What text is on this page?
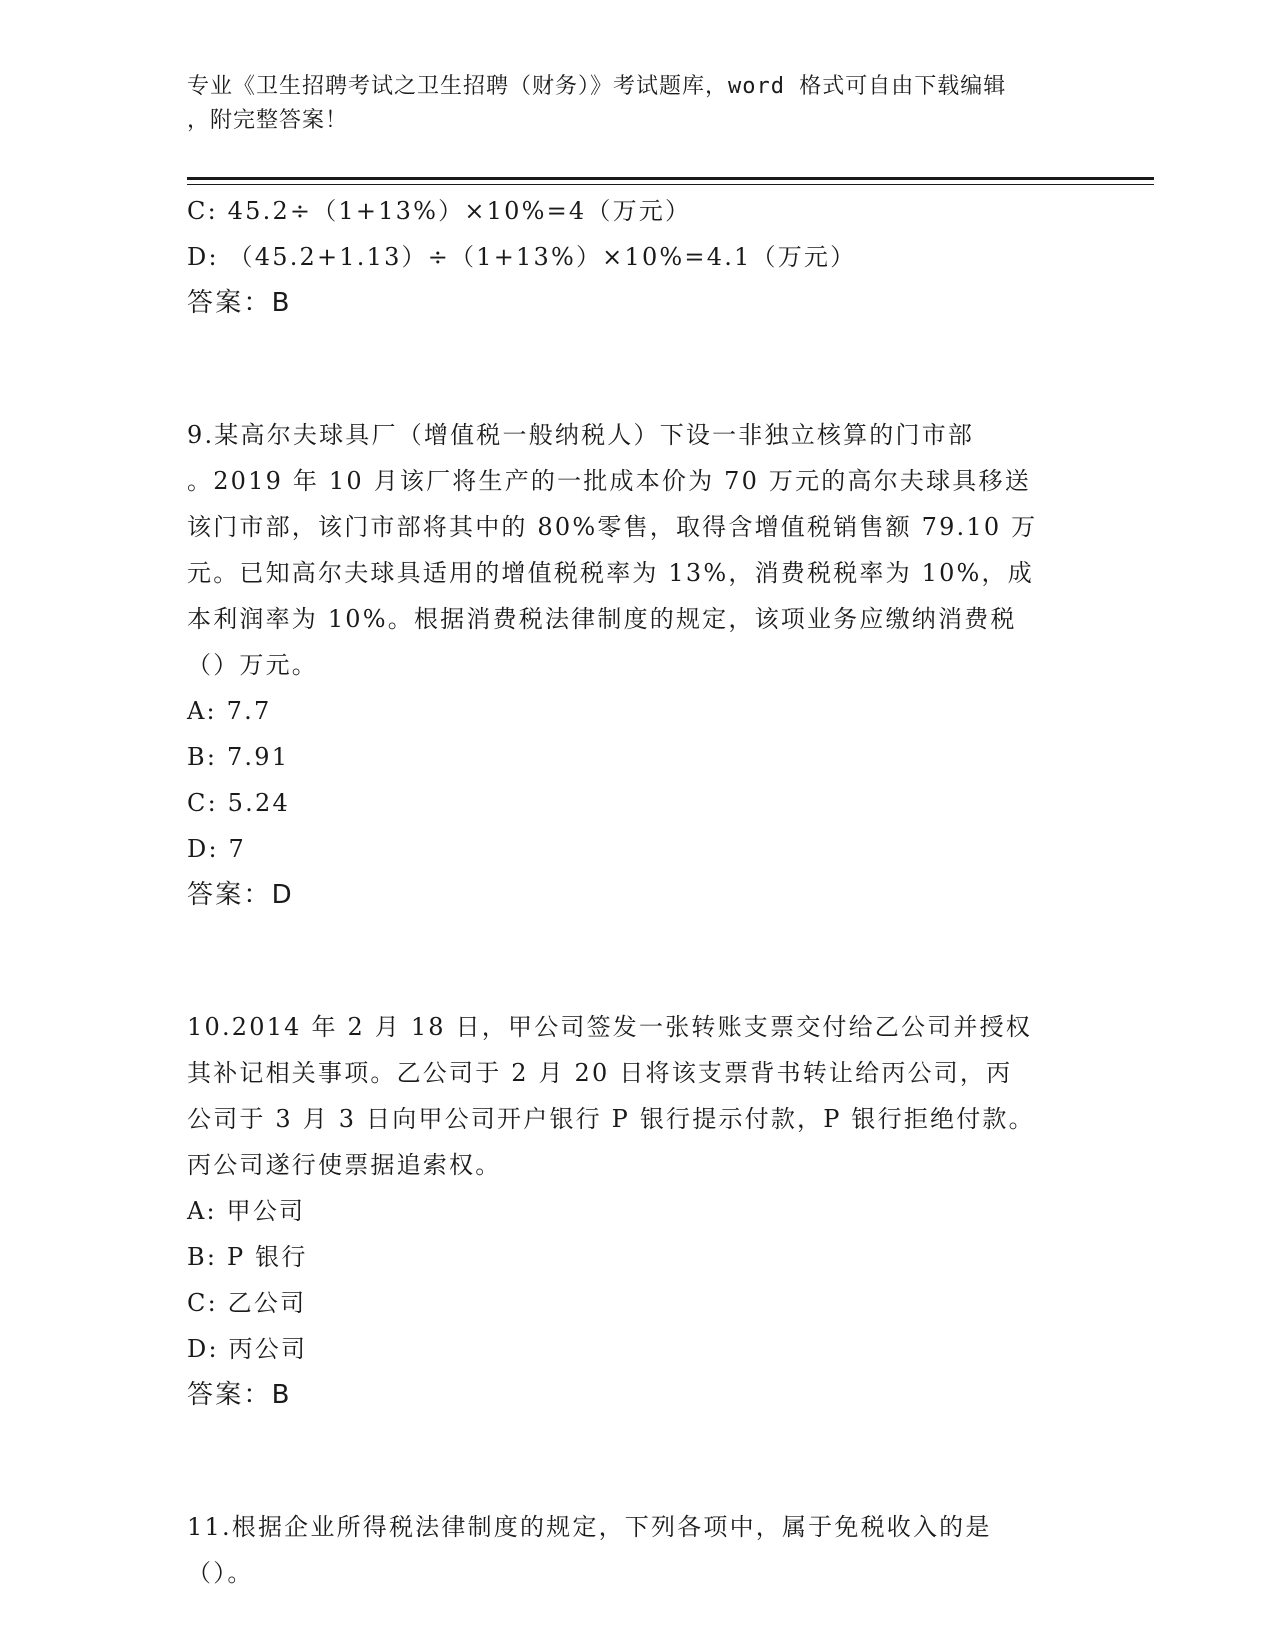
专业《卫生招聘考试之卫生招聘（财务）》考试题库，word 格式可自由下载编辑
，附完整答案！
C: 45.2÷（1+13%）×10%=4（万元）
D: （45.2+1.13）÷（1+13%）×10%=4.1（万元）
答案：B
9.某高尔夫球具厂（增值税一般纳税人）下设一非独立核算的门市部
。2019 年 10 月该厂将生产的一批成本价为 70 万元的高尔夫球具移送
该门市部，该门市部将其中的 80%零售，取得含增值税销售额 79.10 万
元。已知高尔夫球具适用的增值税税率为 13%，消费税税率为 10%，成
本利润率为 10%。根据消费税法律制度的规定，该项业务应缴纳消费税
（）万元。
A: 7.7
B: 7.91
C: 5.24
D: 7
答案：D
10.2014 年 2 月 18 日，甲公司签发一张转账支票交付给乙公司并授权
其补记相关事项。乙公司于 2 月 20 日将该支票背书转让给丙公司，丙
公司于 3 月 3 日向甲公司开户银行 P 银行提示付款，P 银行拒绝付款。
丙公司遂行使票据追索权。
A: 甲公司
B: P 银行
C: 乙公司
D: 丙公司
答案：B
11.根据企业所得税法律制度的规定，下列各项中，属于免税收入的是
（）。
